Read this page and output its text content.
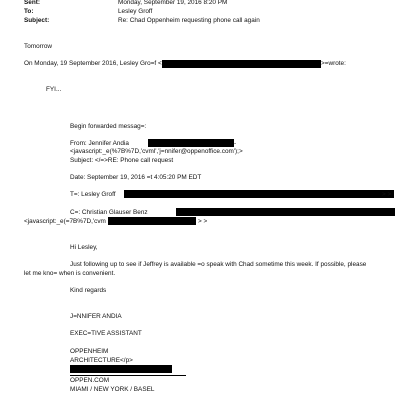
Sent:	Monday, September 19, 2016 8:20 PM
To:	Lesley Groff
Subject:	Re: Chad Oppenheim requesting phone call again
Tomorrow
On Monday, 19 September 2016, Lesley Gro=f <	>=wrote:
FYI...
Begin forwarded messag=:
From: Jennifer Andia	-
<javascript:_e(%7B%7D,'cvml','j=nnifer@oppenoffice.com');>
Subject: </=>RE: Phone call request
Date: September 19, 2016 =t 4:05:20 PM EDT
T=: Lesley Groff	> >
C=: Christian Glauser Benz
<javascript:_e(=7B%7D,'cvm	> >
Hi Lesley,
Just following up to see if Jeffrey is available =o speak with Chad sometime this week. If possible, please
let me kno= when is convenient.
Kind regards
J=NNIFER ANDIA
EXEC=TIVE ASSISTANT
OPPENHEIM
ARCHITECTURE</p>
OPPEN.COM
MIAMI / NEW YORK / BASEL
